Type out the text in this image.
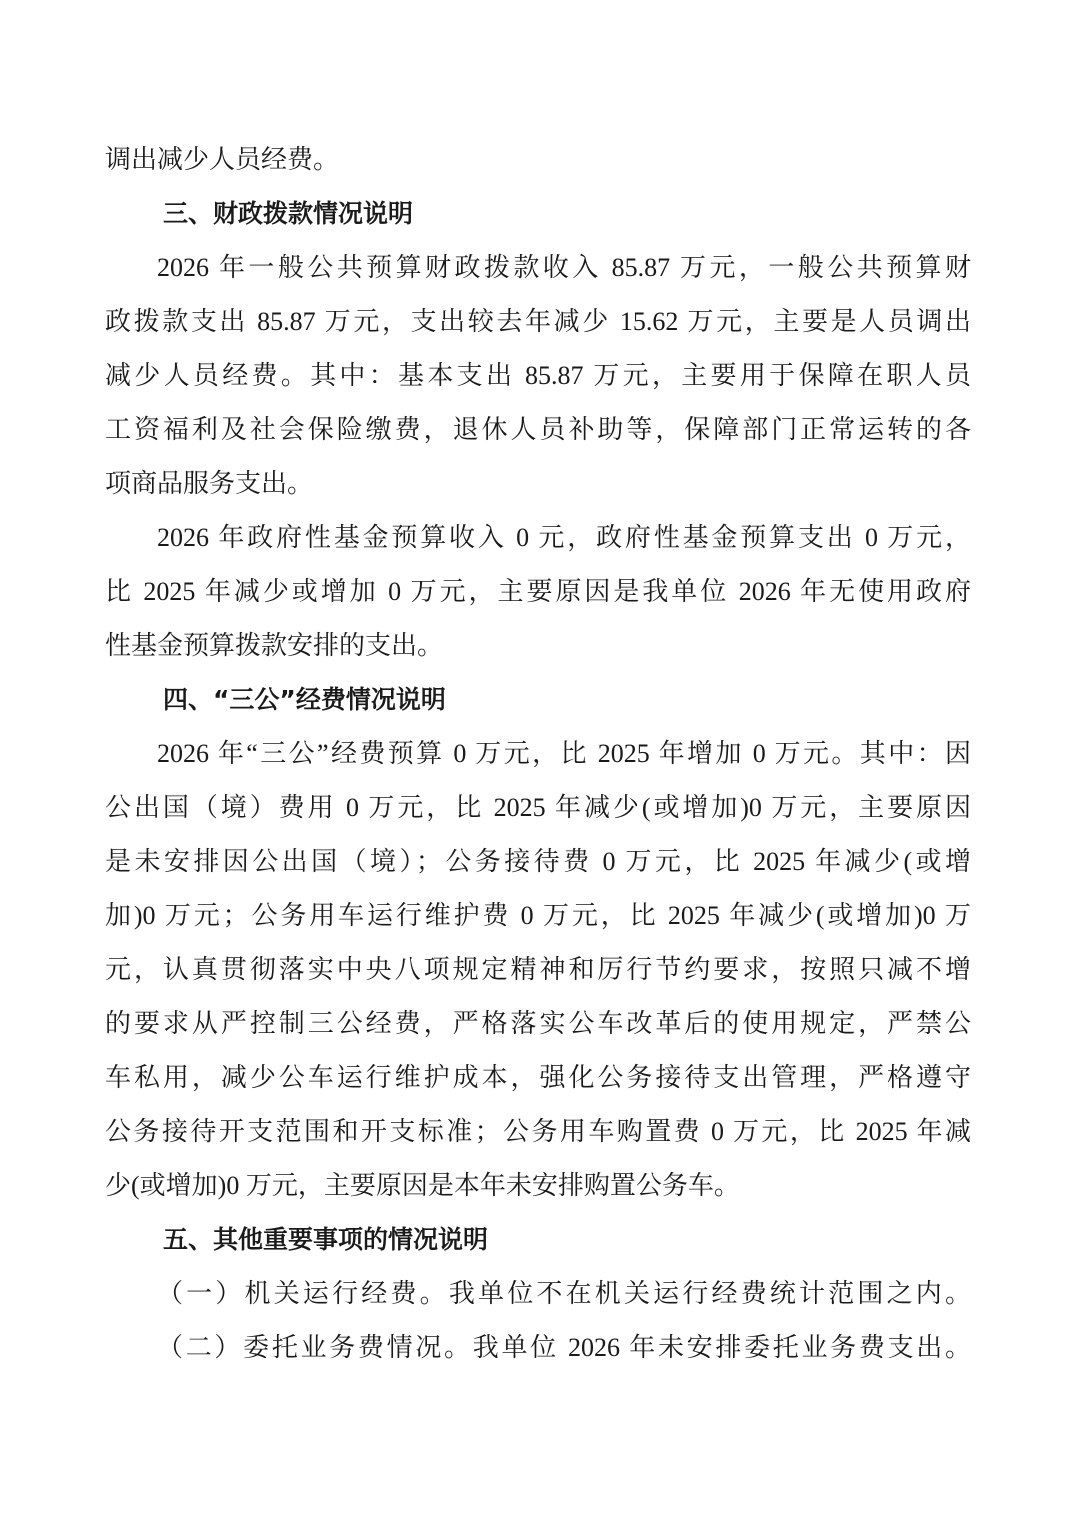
调出减少人员经费。
三、财政拨款情况说明
2026 年一般公共预算财政拨款收入 85.87 万元，一般公共预算财
政拨款支出 85.87 万元，支出较去年减少 15.62 万元，主要是人员调出
减少人员经费。其中：基本支出 85.87 万元，主要用于保障在职人员
工资福利及社会保险缴费，退休人员补助等，保障部门正常运转的各
项商品服务支出。
2026 年政府性基金预算收入 0 元，政府性基金预算支出 0 万元，
比 2025 年减少或增加 0 万元，主要原因是我单位 2026 年无使用政府
性基金预算拨款安排的支出。
四、“三公”经费情况说明
2026 年“三公”经费预算 0 万元，比 2025 年增加 0 万元。其中：因
公出国（境）费用 0 万元，比 2025 年减少(或增加)0 万元，主要原因
是未安排因公出国（境）；公务接待费 0 万元，比 2025 年减少(或增
加)0 万元；公务用车运行维护费 0 万元，比 2025 年减少(或增加)0 万
元，认真贯彻落实中央八项规定精神和厉行节约要求，按照只减不增
的要求从严控制三公经费，严格落实公车改革后的使用规定，严禁公
车私用，减少公车运行维护成本，强化公务接待支出管理，严格遵守
公务接待开支范围和开支标准；公务用车购置费 0 万元，比 2025 年减
少(或增加)0 万元，主要原因是本年未安排购置公务车。
五、其他重要事项的情况说明
（一）机关运行经费。我单位不在机关运行经费统计范围之内。
（二）委托业务费情况。我单位 2026 年未安排委托业务费支出。
